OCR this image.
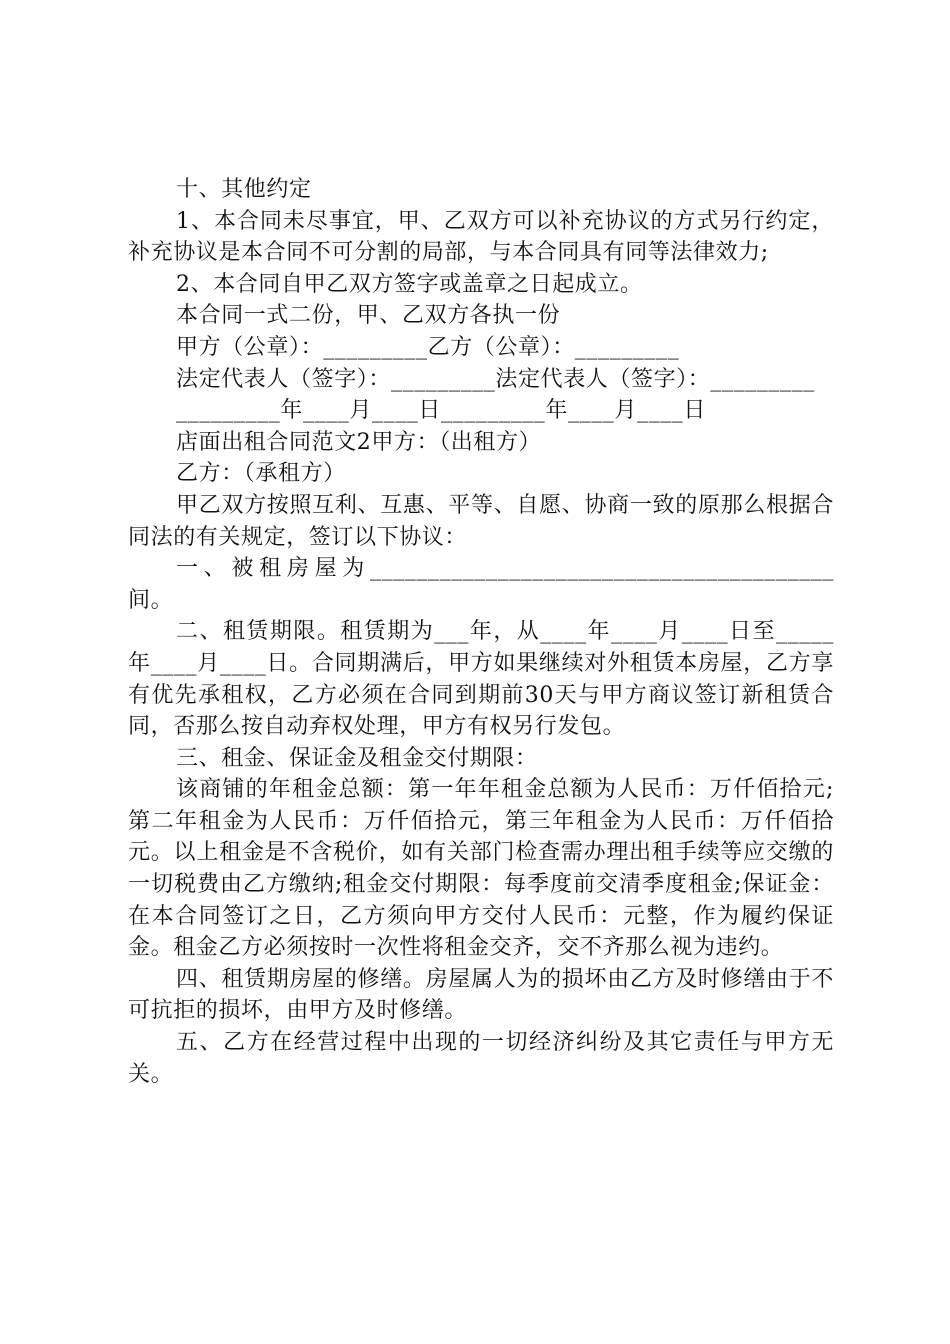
十、其他约定

1、本合同未尽事宜，甲、乙双方可以补充协议的方式另行约定，补充协议是本合同不可分割的局部，与本合同具有同等法律效力;

2、本合同自甲乙双方签字或盖章之日起成立。

本合同一式二份，甲、乙双方各执一份

甲方（公章）：_________乙方（公章）：_________

法定代表人（签字）：_________法定代表人（签字）：_________

_________年____月____日_________年____月____日

店面出租合同范文2甲方：（出租方）

乙方：（承租方）

甲乙双方按照互利、互惠、平等、自愿、协商一致的原那么根据合同法的有关规定，签订以下协议：

一、被租房屋为________________________________________间。

二、租赁期限。租赁期为___年，从____年____月____日至_____年____月____日。合同期满后，甲方如果继续对外租赁本房屋，乙方享有优先承租权，乙方必须在合同到期前30天与甲方商议签订新租赁合同，否那么按自动弃权处理，甲方有权另行发包。

三、租金、保证金及租金交付期限：

该商铺的年租金总额：第一年年租金总额为人民币：万仟佰拾元;第二年租金为人民币：万仟佰拾元，第三年租金为人民币：万仟佰拾元。以上租金是不含税价，如有关部门检查需办理出租手续等应交缴的一切税费由乙方缴纳;租金交付期限：每季度前交清季度租金;保证金：在本合同签订之日，乙方须向甲方交付人民币：元整，作为履约保证金。租金乙方必须按时一次性将租金交齐，交不齐那么视为违约。

四、租赁期房屋的修缮。房屋属人为的损坏由乙方及时修缮由于不可抗拒的损坏，由甲方及时修缮。

五、乙方在经营过程中出现的一切经济纠纷及其它责任与甲方无关。
